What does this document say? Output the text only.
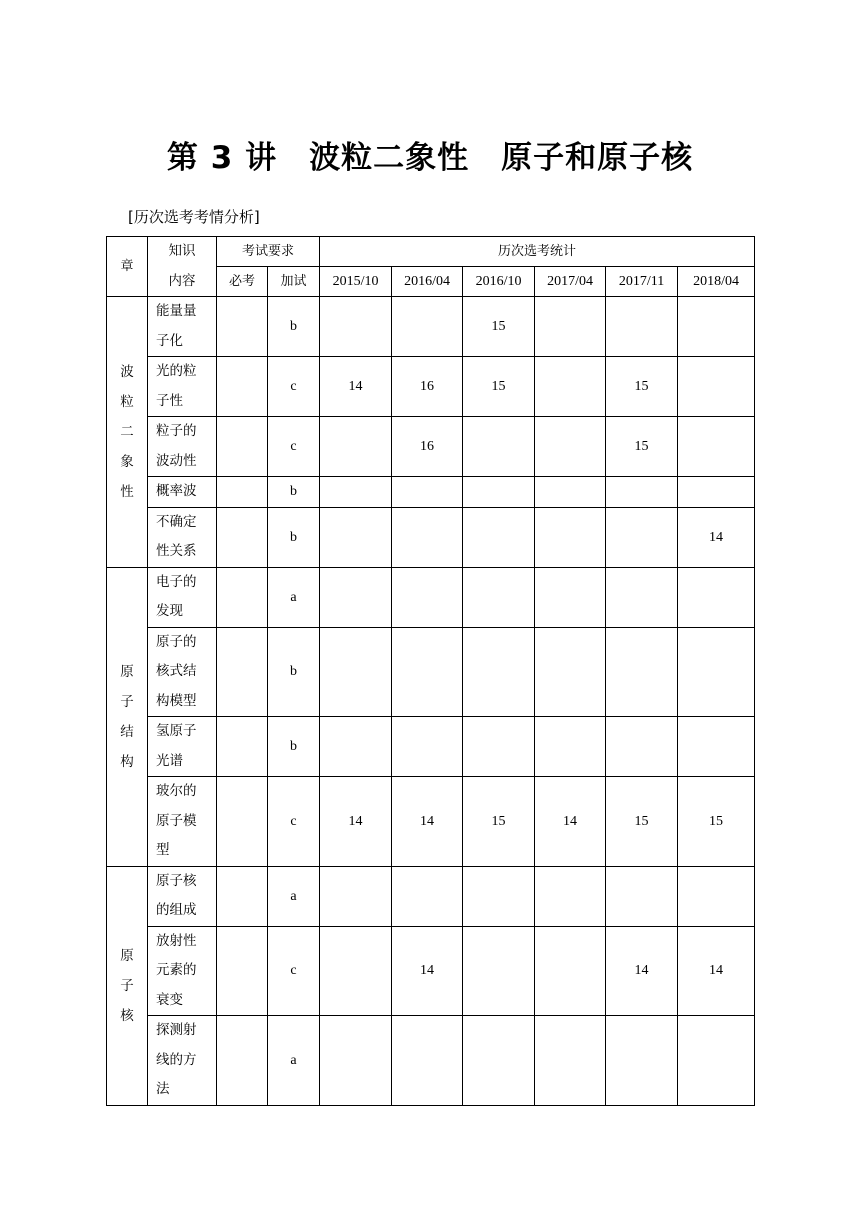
第 3 讲　波粒二象性　原子和原子核
[历次选考考情分析]
章	知识
内容	考试要求		历次选考统计					
		必考	加试	2015/10	2016/04	2016/10	2017/04	2017/11	2018/04
波
粒
二
象
性	能量量
子化		b			15			
	光的粒
子性		c	14	16	15		15	
	粒子的
波动性		c		16			15	
	概率波		b						
	不确定
性关系		b						14
原
子
结
构	电子的
发现		a						
	原子的
核式结
构模型		b						
	氢原子
光谱		b						
	玻尔的
原子模
型		c	14	14	15	14	15	15
原
子
核	原子核
的组成		a						
	放射性
元素的
衰变		c		14			14	14
	探测射
线的方
法		a						
